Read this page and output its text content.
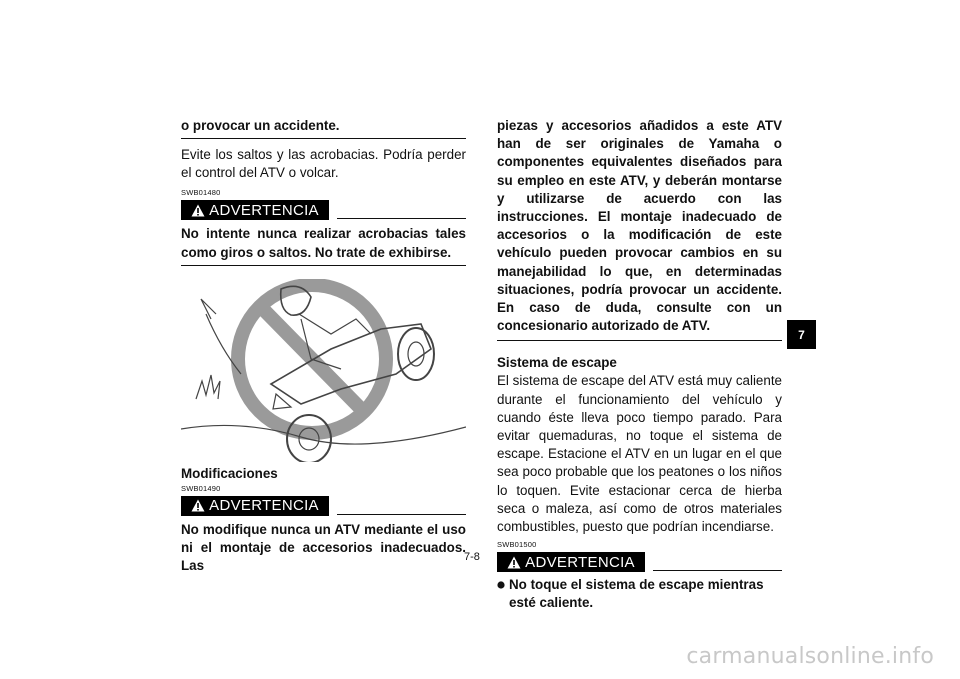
o provocar un accidente.

Evite los saltos y las acrobacias. Podría perder el control del ATV o volcar.

SWB01480
ADVERTENCIA

No intente nunca realizar acrobacias tales como giros o saltos. No trate de exhibirse.

Modificaciones

SWB01490
ADVERTENCIA

No modifique nunca un ATV mediante el uso ni el montaje de accesorios inadecuados. Las

piezas y accesorios añadidos a este ATV han de ser originales de Yamaha o componentes equivalentes diseñados para su empleo en este ATV, y deberán montarse y utilizarse de acuerdo con las instrucciones. El montaje inadecuado de accesorios o la modificación de este vehículo pueden provocar cambios en su manejabilidad lo que, en determinadas situaciones, podría provocar un accidente. En caso de duda, consulte con un concesionario autorizado de ATV.

Sistema de escape

El sistema de escape del ATV está muy caliente durante el funcionamiento del vehículo y cuando éste lleva poco tiempo parado. Para evitar quemaduras, no toque el sistema de escape. Estacione el ATV en un lugar en el que sea poco probable que los peatones o los niños lo toquen. Evite estacionar cerca de hierba seca o maleza, así como de otros materiales combustibles, puesto que podrían incendiarse.

SWB01500
ADVERTENCIA

No toque el sistema de escape mientras esté caliente.

7
7-8
carmanualsonline.info
